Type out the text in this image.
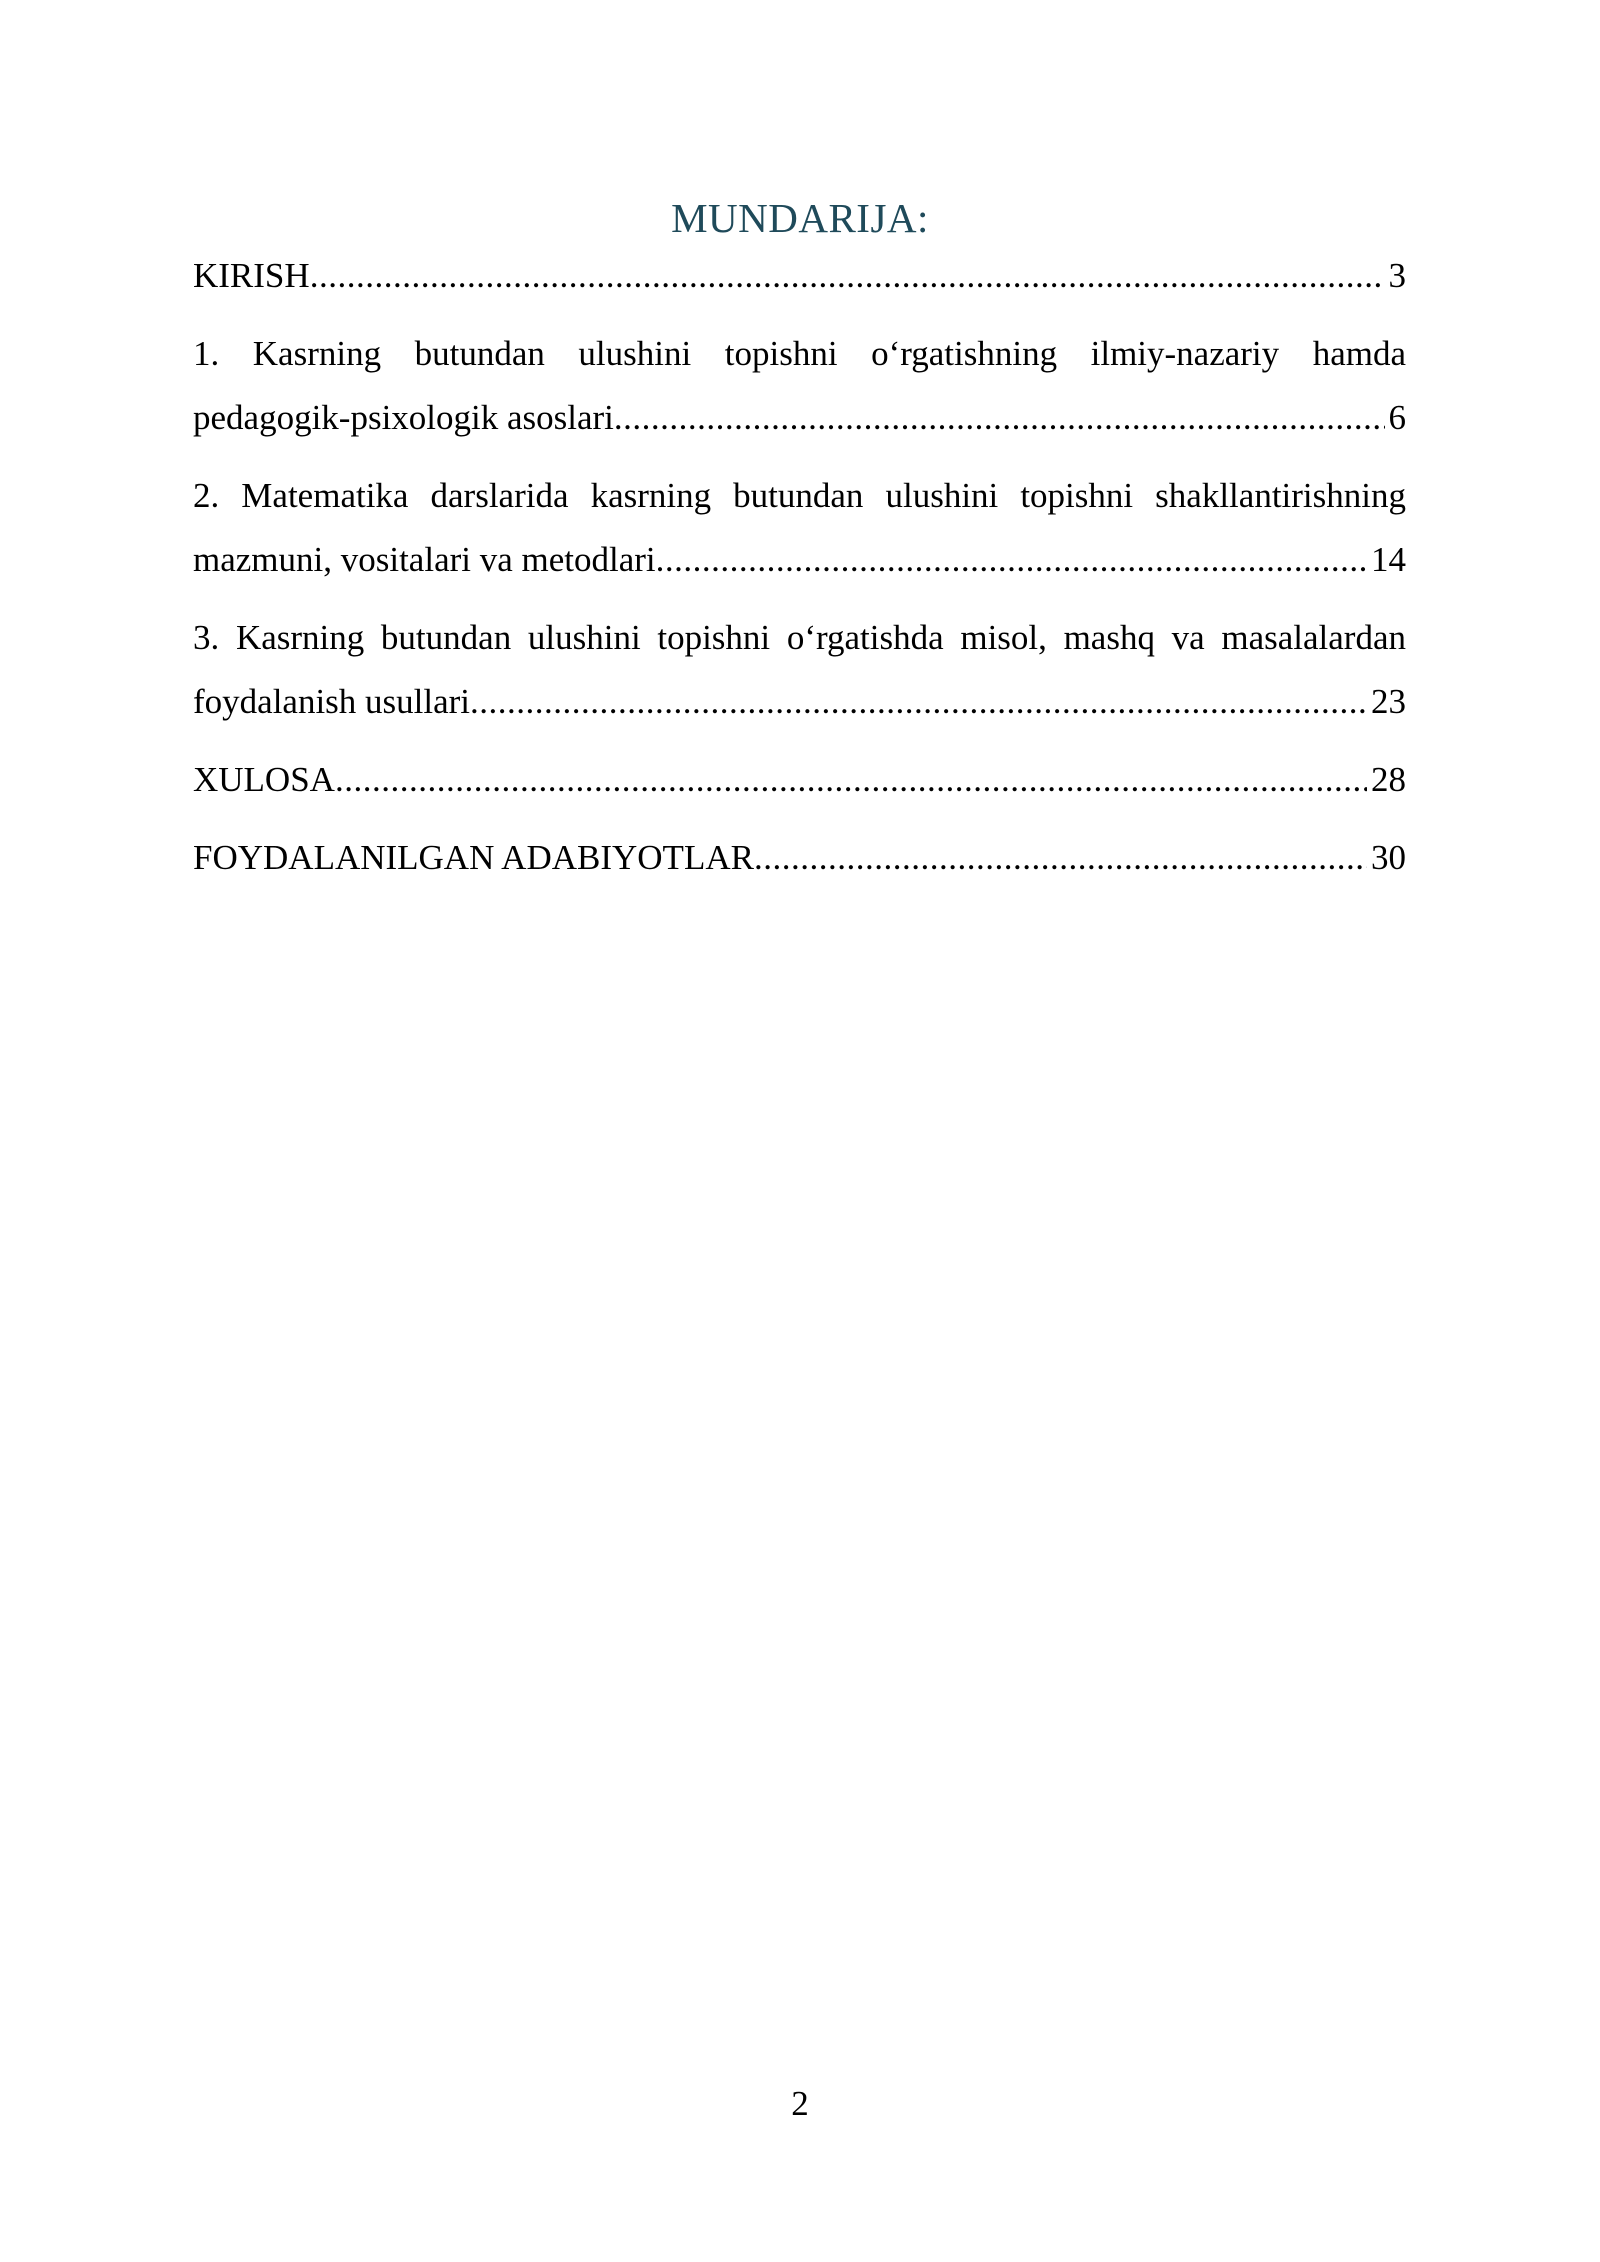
MUNDARIJA:
KIRISH .....	3
1. Kasrning butundan ulushini topishni o‘rgatishning ilmiy-nazariy hamda
pedagogik-psixologik asoslari .....	6
2. Matematika darslarida kasrning butundan ulushini topishni shakllantirishning
mazmuni, vositalari va metodlari .....	14
3. Kasrning butundan ulushini topishni o‘rgatishda misol, mashq va masalalardan
foydalanish usullari .....	23
XULOSA .....	28
FOYDALANILGAN ADABIYOTLAR .....	30
2
